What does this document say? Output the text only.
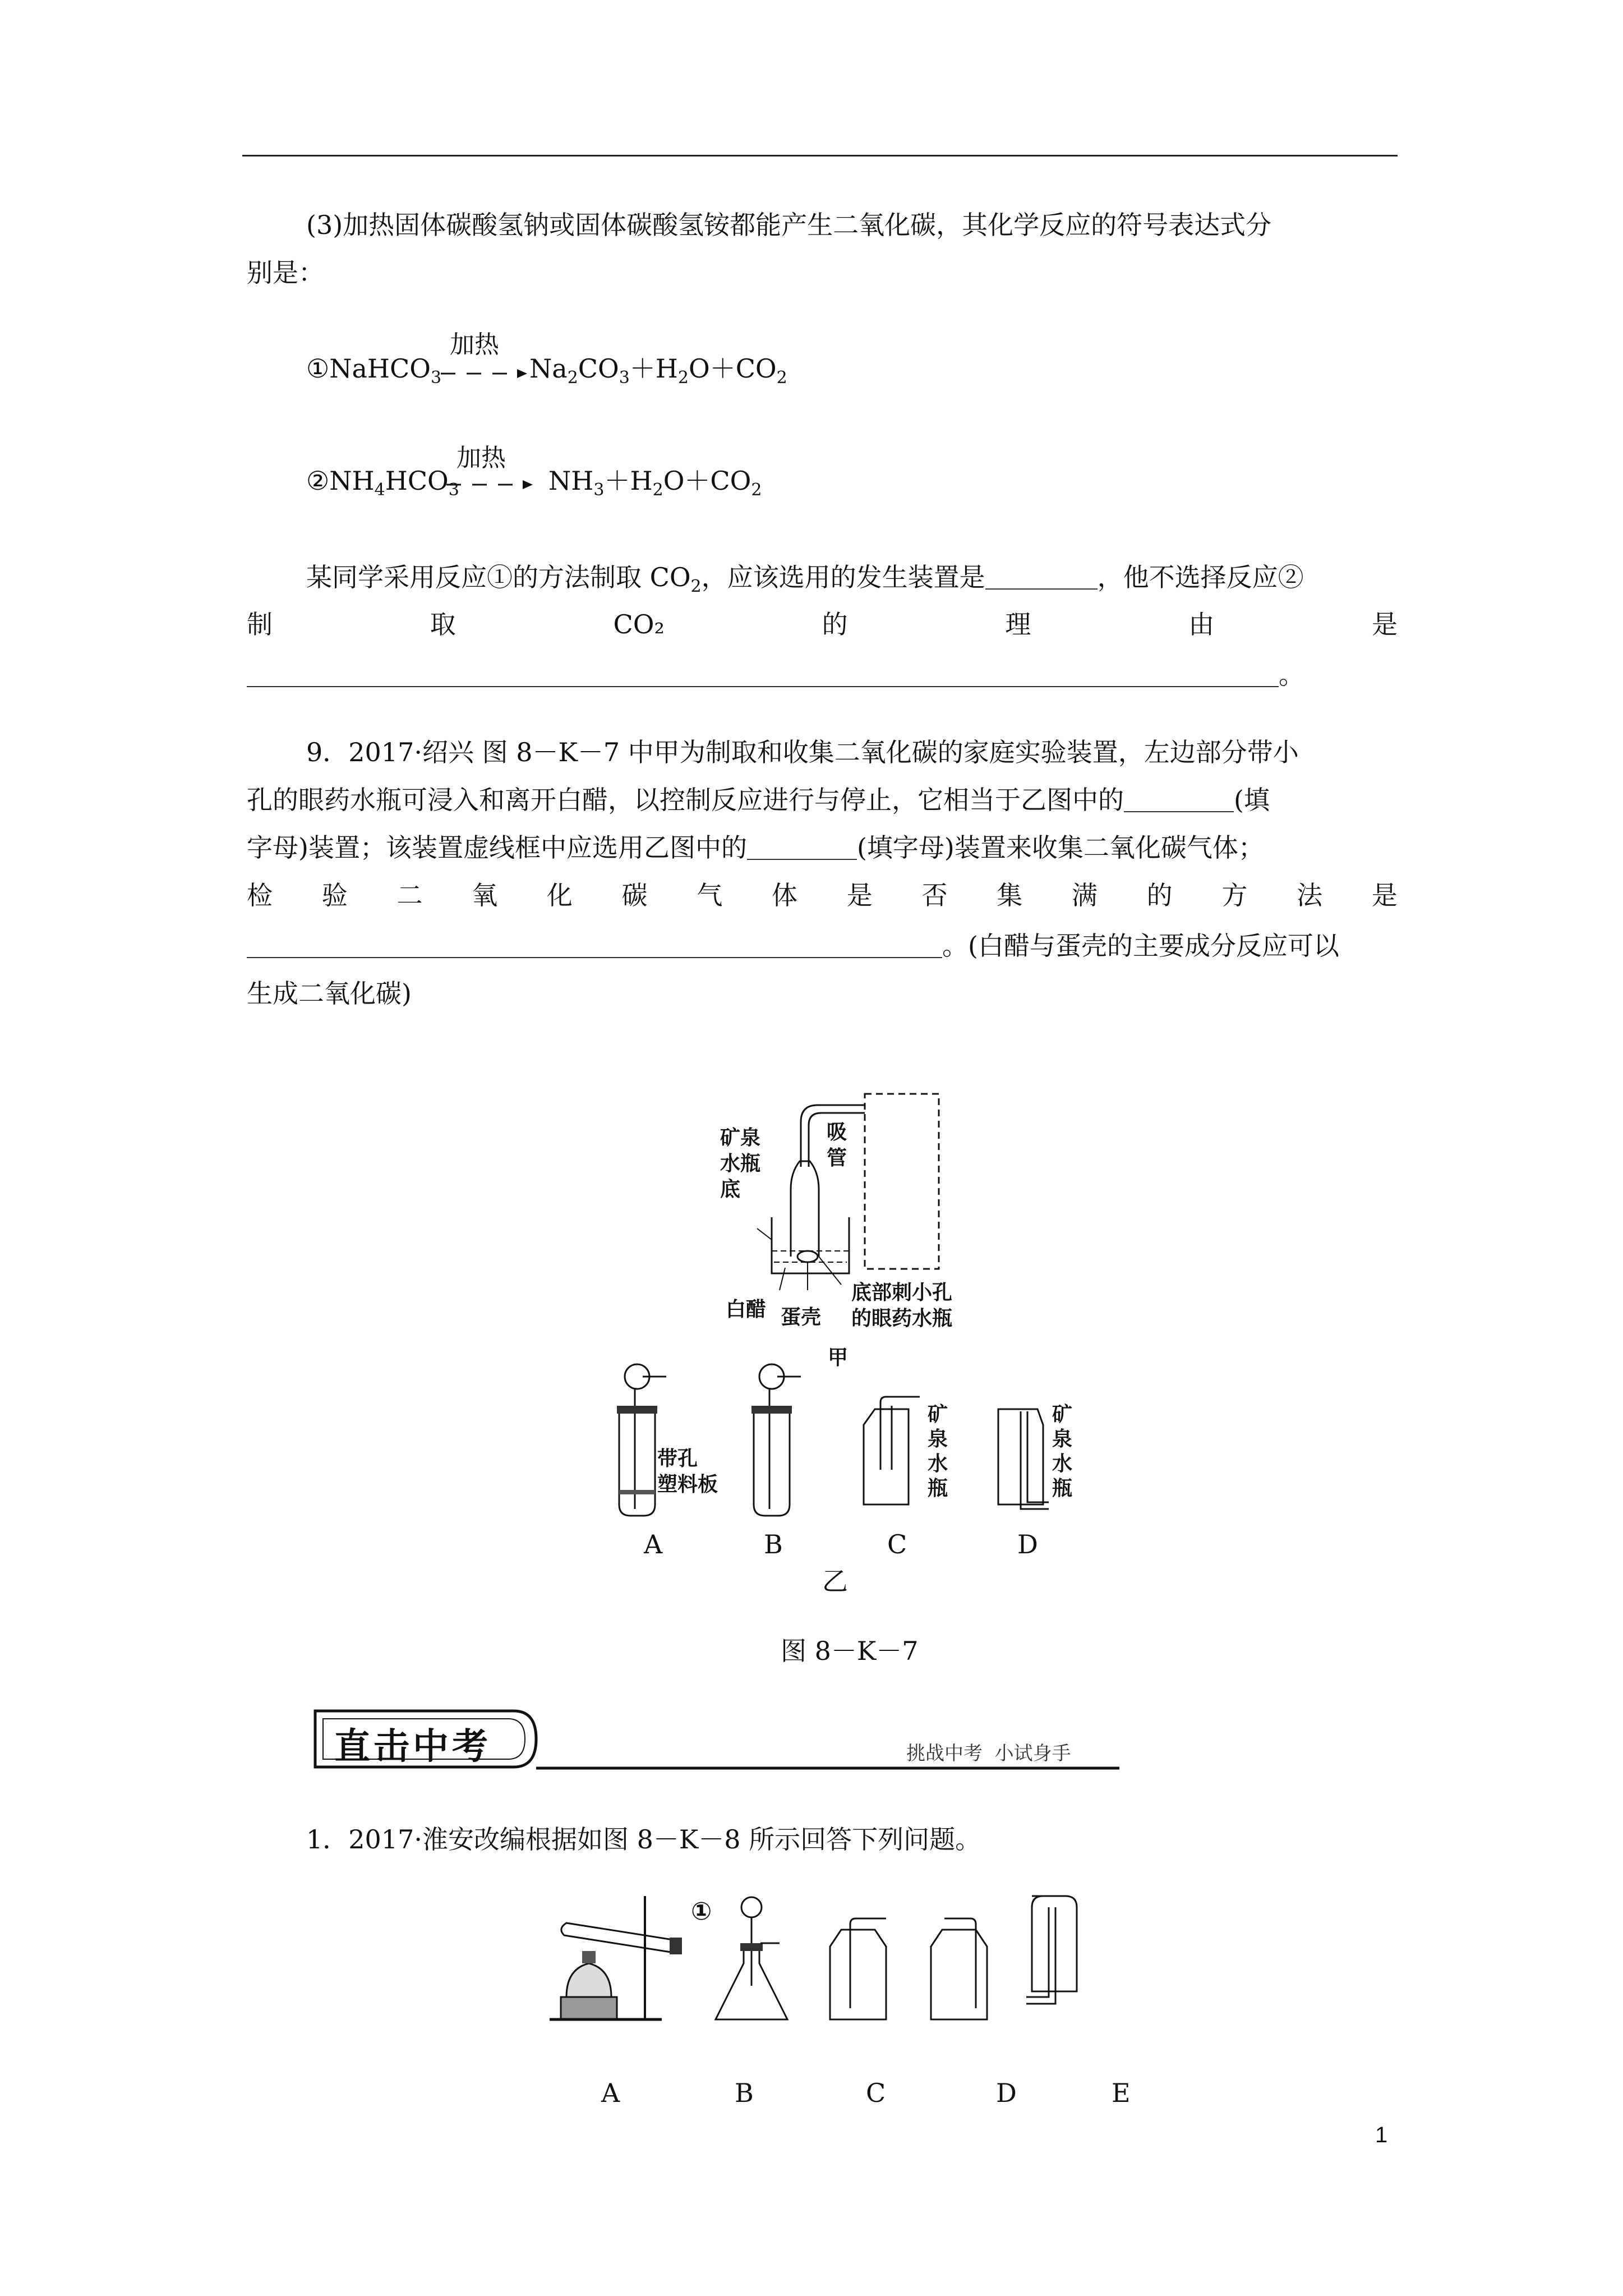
(3)加热固体碳酸氢钠或固体碳酸氢铵都能产生二氧化碳，其化学反应的符号表达式分
别是：
①NaHCO$_3$
加热
$Na_2CO_3+H_2O+CO_2$
$②NH_4HCO_3$
加热
$NH_3+H_2O+CO_2$
某同学采用反应①的方法制取 $CO_2$，应该选用的发生装置是	，他不选择反应②
制	取	CO₂	的	理	由	是
。
9．2017·绍兴 图 8－K－7 中甲为制取和收集二氧化碳的家庭实验装置，左边部分带小
孔的眼药水瓶可浸入和离开白醋，以控制反应进行与停止，它相当于乙图中的	(填
字母)装置；该装置虚线框中应选用乙图中的	(填字母)装置来收集二氧化碳气体；
检 验 二 氧 化 碳 气 体 是 否 集 满 的 方 法 是
。(白醋与蛋壳的主要成分反应可以
生成二氧化碳)
矿泉
水瓶
底
吸
管
白醋 蛋壳
底部刺小孔
的眼药水瓶
甲
带孔
塑料板
矿
泉
水
瓶
矿
泉
水
瓶
A	B	C	D
乙
图 8－K－7
直击中考	挑战中考  小试身手
1．2017·淮安改编根据如图 8－K－8 所示回答下列问题。
①
A	B	C	D	E
1
